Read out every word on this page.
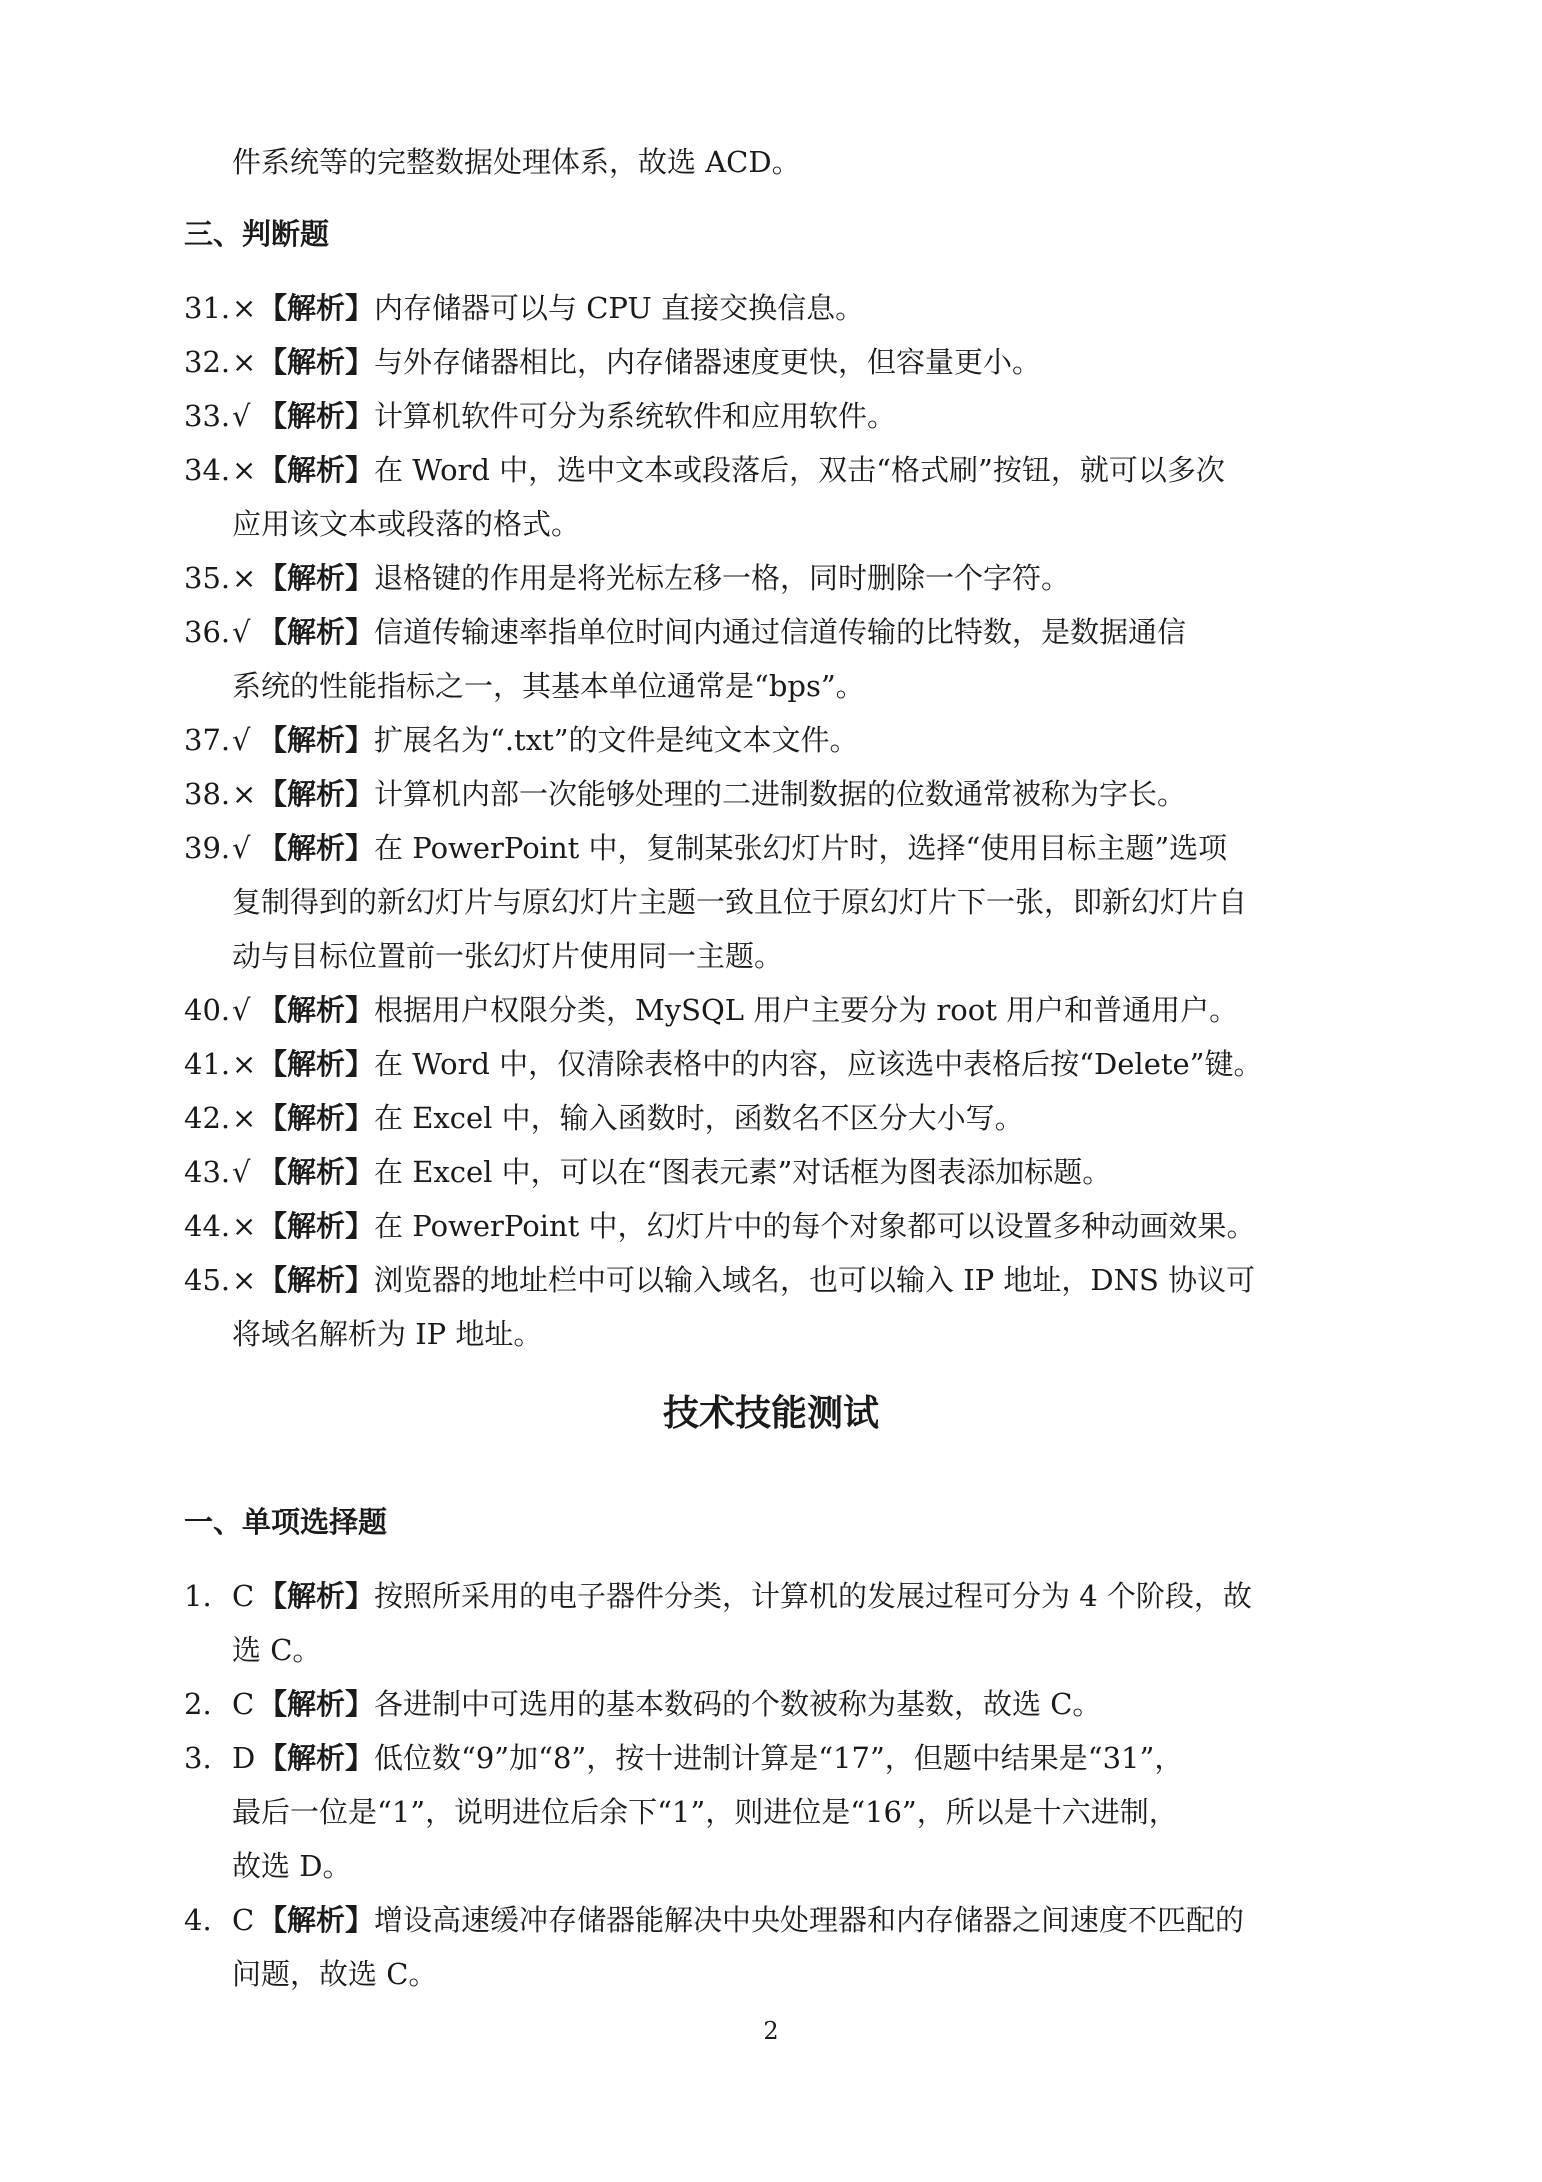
件系统等的完整数据处理体系，故选 ACD。
三、判断题
31.×【解析】内存储器可以与 CPU 直接交换信息。
32.×【解析】与外存储器相比，内存储器速度更快，但容量更小。
33.√ 【解析】计算机软件可分为系统软件和应用软件。
34.×【解析】在 Word 中，选中文本或段落后，双击“格式刷”按钮，就可以多次
应用该文本或段落的格式。
35.×【解析】退格键的作用是将光标左移一格，同时删除一个字符。
36.√ 【解析】信道传输速率指单位时间内通过信道传输的比特数，是数据通信
系统的性能指标之一，其基本单位通常是“bps”。
37.√ 【解析】扩展名为“.txt”的文件是纯文本文件。
38.×【解析】计算机内部一次能够处理的二进制数据的位数通常被称为字长。
39.√ 【解析】在 PowerPoint 中，复制某张幻灯片时，选择“使用目标主题”选项
复制得到的新幻灯片与原幻灯片主题一致且位于原幻灯片下一张，即新幻灯片自
动与目标位置前一张幻灯片使用同一主题。
40.√ 【解析】根据用户权限分类，MySQL 用户主要分为 root 用户和普通用户。
41.×【解析】在 Word 中，仅清除表格中的内容，应该选中表格后按“Delete”键。
42.×【解析】在 Excel 中，输入函数时，函数名不区分大小写。
43.√ 【解析】在 Excel 中，可以在“图表元素”对话框为图表添加标题。
44.×【解析】在 PowerPoint 中，幻灯片中的每个对象都可以设置多种动画效果。
45.×【解析】浏览器的地址栏中可以输入域名，也可以输入 IP 地址，DNS 协议可
将域名解析为 IP 地址。
技术技能测试
一、单项选择题
1. C 【解析】按照所采用的电子器件分类，计算机的发展过程可分为 4 个阶段，故
选 C。
2. C 【解析】各进制中可选用的基本数码的个数被称为基数，故选 C。
3. D【解析】低位数“9”加“8”，按十进制计算是“17”，但题中结果是“31”，
最后一位是“1”，说明进位后余下“1”，则进位是“16”，所以是十六进制，
故选 D。
4. C 【解析】增设高速缓冲存储器能解决中央处理器和内存储器之间速度不匹配的
问题，故选 C。
2
